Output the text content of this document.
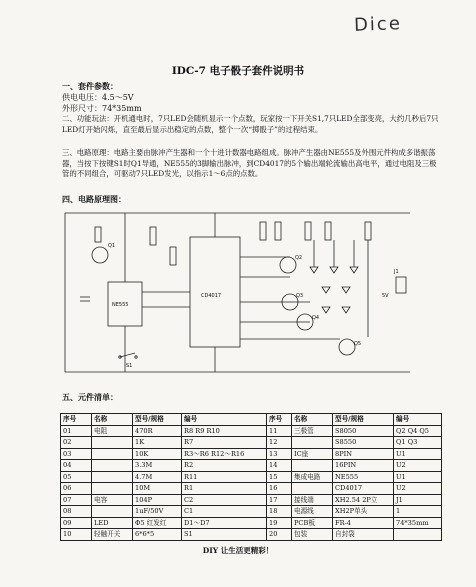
Dice
IDC-7 电子骰子套件说明书
一、套件参数：
供电电压：4.5～5V
外形尺寸：74*35mm
二、功能玩法：开机通电时，7只LED会随机显示一个点数，玩家按一下开关S1,7只LED全部变亮，大约几秒后7只LED灯开始闪烁，直至最后显示出稳定的点数，整个一次“掷骰子”的过程结束。
三、电路原理：电路主要由脉冲产生器和一个十进计数器电路组成。脉冲产生器由NE555及外围元件构成多谐振荡器，当按下按键S1时Q1导通，NE555的3脚输出脉冲，到CD4017的5个输出端轮流输出高电平，通过电阻及三极管的不同组合，可驱动7只LED发光，以指示1～6点的点数。
四、电路原理图：
NE555
CD4017
S1
Q1
Q2
Q3
Q4
Q5
J1
5V
五、元件清单：
序号	名称	型号/规格	编号	序号	名称	型号/规格	编号
01	电阻	470R	R8 R9 R10	11	三极管	S8050	Q2 Q4 Q5
02		1K	R7	12		S8550	Q1 Q3
03		10K	R3～R6 R12～R16	13	IC座	8PIN	U1
04		3.3M	R2	14		16PIN	U2
05		4.7M	R11	15	集成电路	NE555	U1
06		10M	R1	16		CD4017	U2
07	电容	104P	C2	17	接线端	XH2.54 2P立	J1
08		1uF/50V	C1	18	电源线	XH2P单头	1
09	LED	Φ5 红发红	D1～D7	19	PCB板	FR-4	74*35mm
10	轻触开关	6*6*5	S1	20	包装	自封袋	
DIY 让生活更精彩！
